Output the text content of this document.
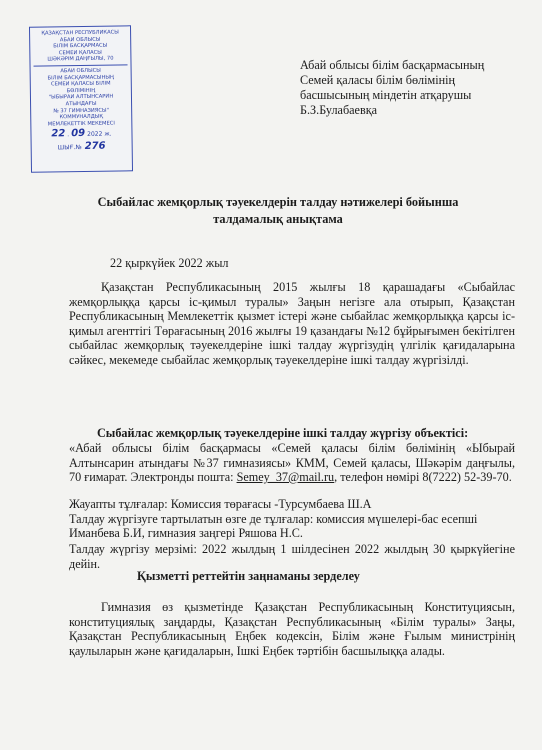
ҚАЗАҚСТАН РЕСПУБЛИКАСЫ
АБАЙ ОБЛЫСЫ
БІЛІМ БАСҚАРМАСЫ
СЕМЕЙ ҚАЛАСЫ
ШӘКӘРІМ ДАҢҒЫЛЫ, 70
АБАЙ ОБЛЫСЫ
БІЛІМ БАСҚАРМАСЫНЫҢ
СЕМЕЙ ҚАЛАСЫ БІЛІМ
БӨЛІМІНІҢ
"ЫБЫРАЙ АЛТЫНСАРИН
АТЫНДАҒЫ
№ 37 ГИМНАЗИЯСЫ"
КОММУНАЛДЫҚ
МЕМЛЕКЕТТІК МЕКЕМЕСІ
22 . 09 2022 ж.
ШЫҒ.№ 276
Абай облысы білім басқармасының
Семей қаласы білім бөлімінің
басшысының міндетін атқарушы
Б.З.Булабаевқа
Сыбайлас жемқорлық тәуекелдерін талдау нәтижелері бойынша
талдамалық анықтама
22 қыркүйек 2022 жыл
Қазақстан Республикасының 2015 жылғы 18 қарашадағы «Сыбайлас жемқорлыққа қарсы іс-қимыл туралы» Заңын негізге ала отырып, Қазақстан Республикасының Мемлекеттік қызмет істері және сыбайлас жемқорлыққа қарсы іс-қимыл агенттігі Төрағасының 2016 жылғы 19 қазандағы №12 бұйрығымен бекітілген сыбайлас жемқорлық тәуекелдеріне ішкі талдау жүргізудің үлгілік қағидаларына сәйкес, мекемеде сыбайлас жемқорлық тәуекелдеріне ішкі талдау жүргізілді.
Сыбайлас жемқорлық тәуекелдеріне ішкі талдау жүргізу объектісі:
«Абай облысы білім басқармасы «Семей қаласы білім бөлімінің «Ыбырай Алтынсарин атындағы №37 гимназиясы» КММ, Семей қаласы, Шәкәрім даңғылы, 70 ғимарат. Электронды пошта: Semey_37@mail.ru, телефон нөмірі 8(7222) 52-39-70.
Жауапты тұлғалар: Комиссия төрағасы -Турсумбаева Ш.А
Талдау жүргізуге тартылатын өзге де тұлғалар: комиссия мүшелері-бас есепші
Иманбева Б.И, гимназия заңгері Ряшова Н.С.
Талдау жүргізу мерзімі: 2022 жылдың 1 шілдесінен 2022 жылдың 30 қыркүйегіне дейін.
Қызметті реттейтін заңнаманы зерделеу
Гимназия өз қызметінде Қазақстан Республикасының Конституциясын, конституциялық заңдарды, Қазақстан Республикасының «Білім туралы» Заңы, Қазақстан Республикасының Еңбек кодексін, Білім және Ғылым министрінің қаулыларын және қағидаларын, Ішкі Еңбек тәртібін басшылыққа алады.
